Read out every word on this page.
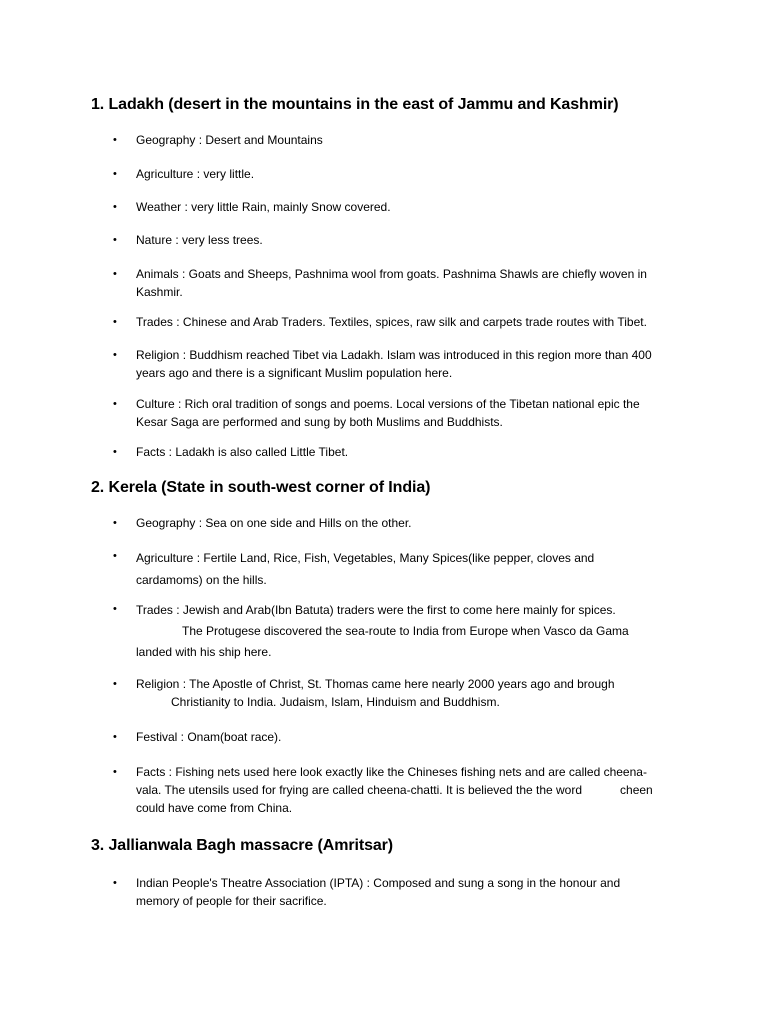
1. Ladakh (desert in the mountains in the east of Jammu and Kashmir)
•	Geography : Desert and Mountains
•	Agriculture : very little.
•	Weather : very little Rain, mainly Snow covered.
•	Nature : very less trees.
•	Animals : Goats and Sheeps, Pashnima wool from goats. Pashnima Shawls are chiefly woven in
Kashmir.
•	Trades : Chinese and Arab Traders. Textiles, spices, raw silk and carpets trade routes with Tibet.
•	Religion : Buddhism reached Tibet via Ladakh. Islam was introduced in this region more than 400
years ago and there is a significant Muslim population here.
•	Culture : Rich oral tradition of songs and poems. Local versions of the Tibetan national epic the
Kesar Saga are performed and sung by both Muslims and Buddhists.
•	Facts : Ladakh is also called Little Tibet.
2. Kerela (State in south-west corner of India)
•	Geography : Sea on one side and Hills on the other.
•	Agriculture : Fertile Land, Rice, Fish, Vegetables, Many Spices(like pepper, cloves and
cardamoms) on the hills.
•	Trades : Jewish and Arab(Ibn Batuta) traders were the first to come here mainly for spices.
The Protugese discovered the sea-route to India from Europe when Vasco da Gama
landed with his ship here.
•	Religion : The Apostle of Christ, St. Thomas came here nearly 2000 years ago and brough
Christianity to India. Judaism, Islam, Hinduism and Buddhism.
•	Festival : Onam(boat race).
•	Facts : Fishing nets used here look exactly like the Chineses fishing nets and are called cheena-
vala. The utensils used for frying are called cheena-chatti. It is believed the the word	cheen
could have come from China.
3. Jallianwala Bagh massacre (Amritsar)
•	Indian People's Theatre Association (IPTA) : Composed and sung a song in the honour and
memory of people for their sacrifice.
